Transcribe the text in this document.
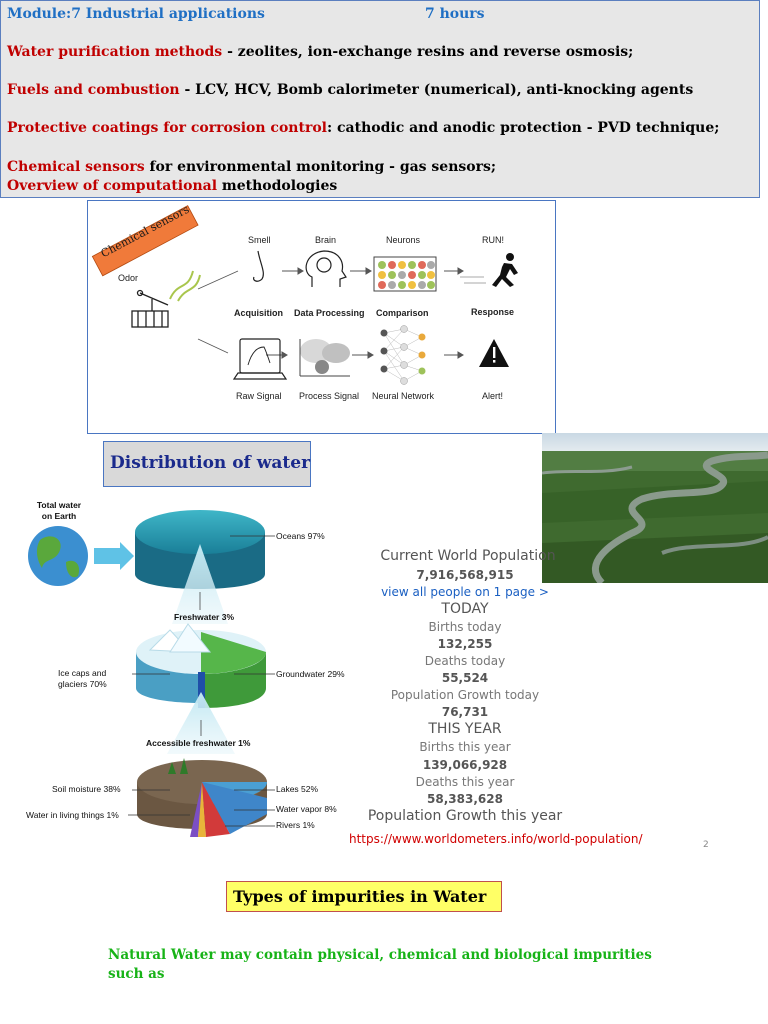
Module:7 Industrial applications	7 hours
Water purification methods - zeolites, ion-exchange resins and reverse osmosis;
Fuels and combustion - LCV, HCV, Bomb calorimeter (numerical), anti-knocking agents
Protective coatings for corrosion control: cathodic and anodic protection - PVD technique;
Chemical sensors for environmental monitoring - gas sensors;
Overview of computational methodologies
Chemical sensors
Odor
Smell	Brain	Neurons	RUN!
Acquisition Data Processing Comparison	Response
Raw Signal Process Signal Neural Network	Alert!
Distribution of water
Total water on Earth
Oceans 97%
Freshwater 3%
Ice caps and glaciers 70%
Groundwater 29%
Accessible freshwater 1%
Soil moisture 38%
Water in living things 1%
Lakes 52%
Water vapor 8%
Rivers 1%
Current World Population
7,916,568,915
view all people on 1 page >
TODAY
Births today
132,255
Deaths today
55,524
Population Growth today
76,731
THIS YEAR
Births this year
139,066,928
Deaths this year
58,383,628
Population Growth this year
https://www.worldometers.info/world-population/	2
Types of impurities in Water
Natural Water may contain physical, chemical and biological impurities such as
